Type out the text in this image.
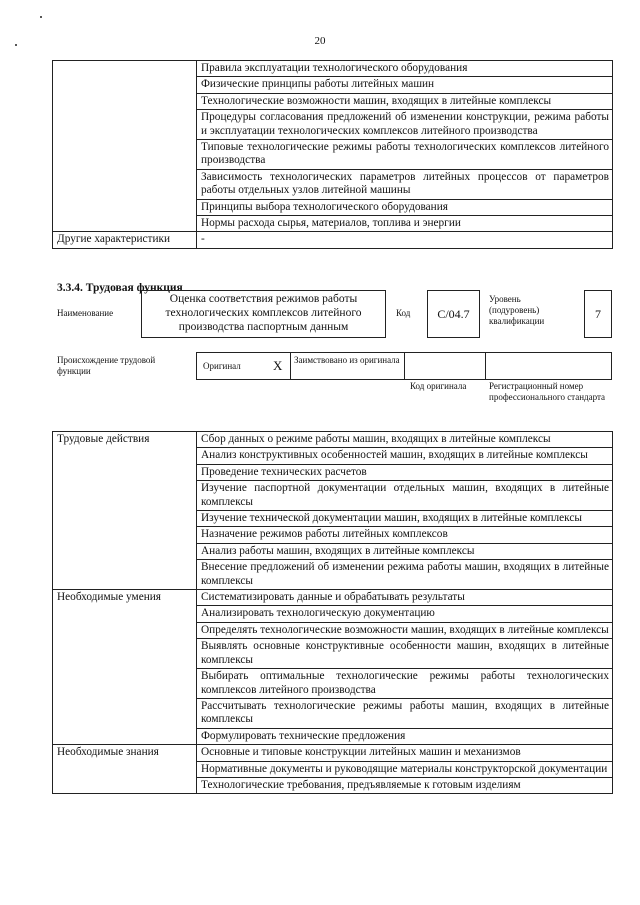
20
	Правила эксплуатации технологического оборудования
	Физические принципы работы литейных машин
	Технологические возможности машин, входящих в литейные комплексы
	Процедуры согласования предложений об изменении конструкции, режима работы и эксплуатации технологических комплексов литейного производства
	Типовые технологические режимы работы технологических комплексов литейного производства
	Зависимость технологических параметров литейных процессов от параметров работы отдельных узлов литейной машины
	Принципы выбора технологического оборудования
	Нормы расхода сырья, материалов, топлива и энергии
Другие характеристики	-
3.3.4. Трудовая функция
Наименование
Оценка соответствия режимов работы технологических комплексов литейного производства паспортным данным
Код	C/04.7
Уровень (подуровень) квалификации	7
Происхождение трудовой функции	Оригинал X Заимствовано из оригинала
Код оригинала	Регистрационный номер профессионального стандарта
Трудовые действия	Сбор данных о режиме работы машин, входящих в литейные комплексы
	Анализ конструктивных особенностей машин, входящих в литейные комплексы
	Проведение технических расчетов
	Изучение паспортной документации отдельных машин, входящих в литейные комплексы
	Изучение технической документации машин, входящих в литейные комплексы
	Назначение режимов работы литейных комплексов
	Анализ работы машин, входящих в литейные комплексы
	Внесение предложений об изменении режима работы машин, входящих в литейные комплексы
Необходимые умения	Систематизировать данные и обрабатывать результаты
	Анализировать технологическую документацию
	Определять технологические возможности машин, входящих в литейные комплексы
	Выявлять основные конструктивные особенности машин, входящих в литейные комплексы
	Выбирать оптимальные технологические режимы работы технологических комплексов литейного производства
	Рассчитывать технологические режимы работы машин, входящих в литейные комплексы
	Формулировать технические предложения
Необходимые знания	Основные и типовые конструкции литейных машин и механизмов
	Нормативные документы и руководящие материалы конструкторской документации
	Технологические требования, предъявляемые к готовым изделиям
